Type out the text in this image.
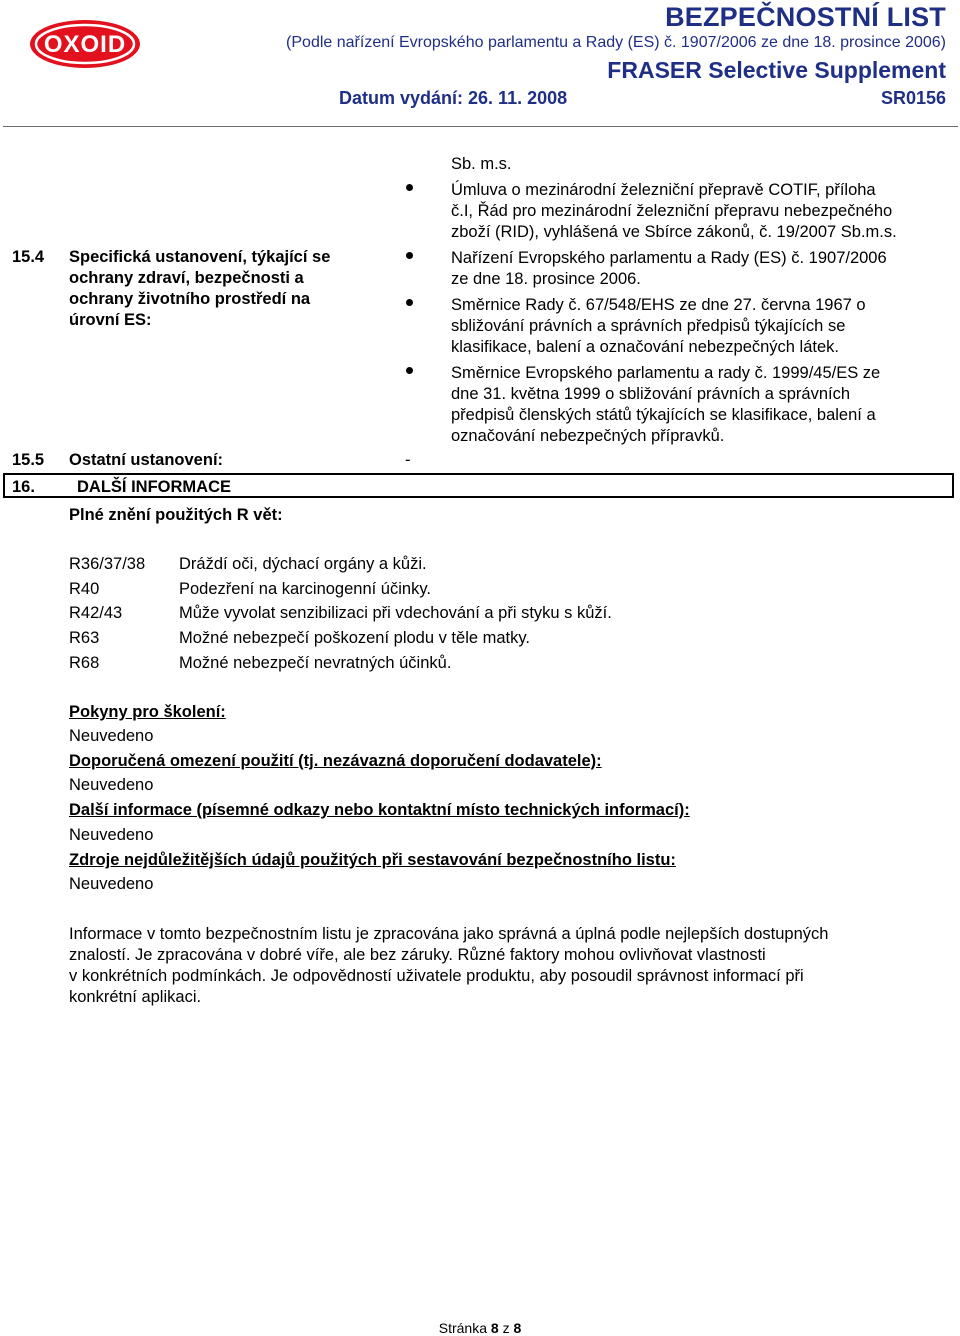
OXOID
BEZPEČNOSTNÍ LIST
(Podle nařízení Evropského parlamentu a Rady (ES) č. 1907/2006 ze dne 18. prosince 2006)
FRASER Selective Supplement
Datum vydání: 26. 11. 2008	SR0156
Sb. m.s.
15.4 Specifická ustanovení, týkající se
ochrany zdraví, bezpečnosti a
ochrany životního prostředí na
úrovní ES:
Úmluva o mezinárodní železniční přepravě COTIF, příloha
č.I, Řád pro mezinárodní železniční přepravu nebezpečného
zboží (RID), vyhlášená ve Sbírce zákonů, č. 19/2007 Sb.m.s.
Nařízení Evropského parlamentu a Rady (ES) č. 1907/2006
ze dne 18. prosince 2006.
Směrnice Rady č. 67/548/EHS ze dne 27. června 1967 o
sbližování právních a správních předpisů týkajících se
klasifikace, balení a označování nebezpečných látek.
Směrnice Evropského parlamentu a rady č. 1999/45/ES ze
dne 31. května 1999 o sbližování právních a správních
předpisů členských států týkajících se klasifikace, balení a
označování nebezpečných přípravků.
15.5 Ostatní ustanovení:	-
16.	DALŠÍ INFORMACE
Plné znění použitých R vět:
R36/37/38 Dráždí oči, dýchací orgány a kůži.
R40	Podezření na karcinogenní účinky.
R42/43	Může vyvolat senzibilizaci při vdechování a při styku s kůží.
R63	Možné nebezpečí poškození plodu v těle matky.
R68	Možné nebezpečí nevratných účinků.
Pokyny pro školení:
Neuvedeno
Doporučená omezení použití (tj. nezávazná doporučení dodavatele):
Neuvedeno
Další informace (písemné odkazy nebo kontaktní místo technických informací):
Neuvedeno
Zdroje nejdůležitějších údajů použitých při sestavování bezpečnostního listu:
Neuvedeno
Informace v tomto bezpečnostním listu je zpracována jako správná a úplná podle nejlepších dostupných
znalostí. Je zpracována v dobré víře, ale bez záruky. Různé faktory mohou ovlivňovat vlastnosti
v konkrétních podmínkách. Je odpovědností uživatele produktu, aby posoudil správnost informací při
konkrétní aplikaci.
Stránka 8 z 8
